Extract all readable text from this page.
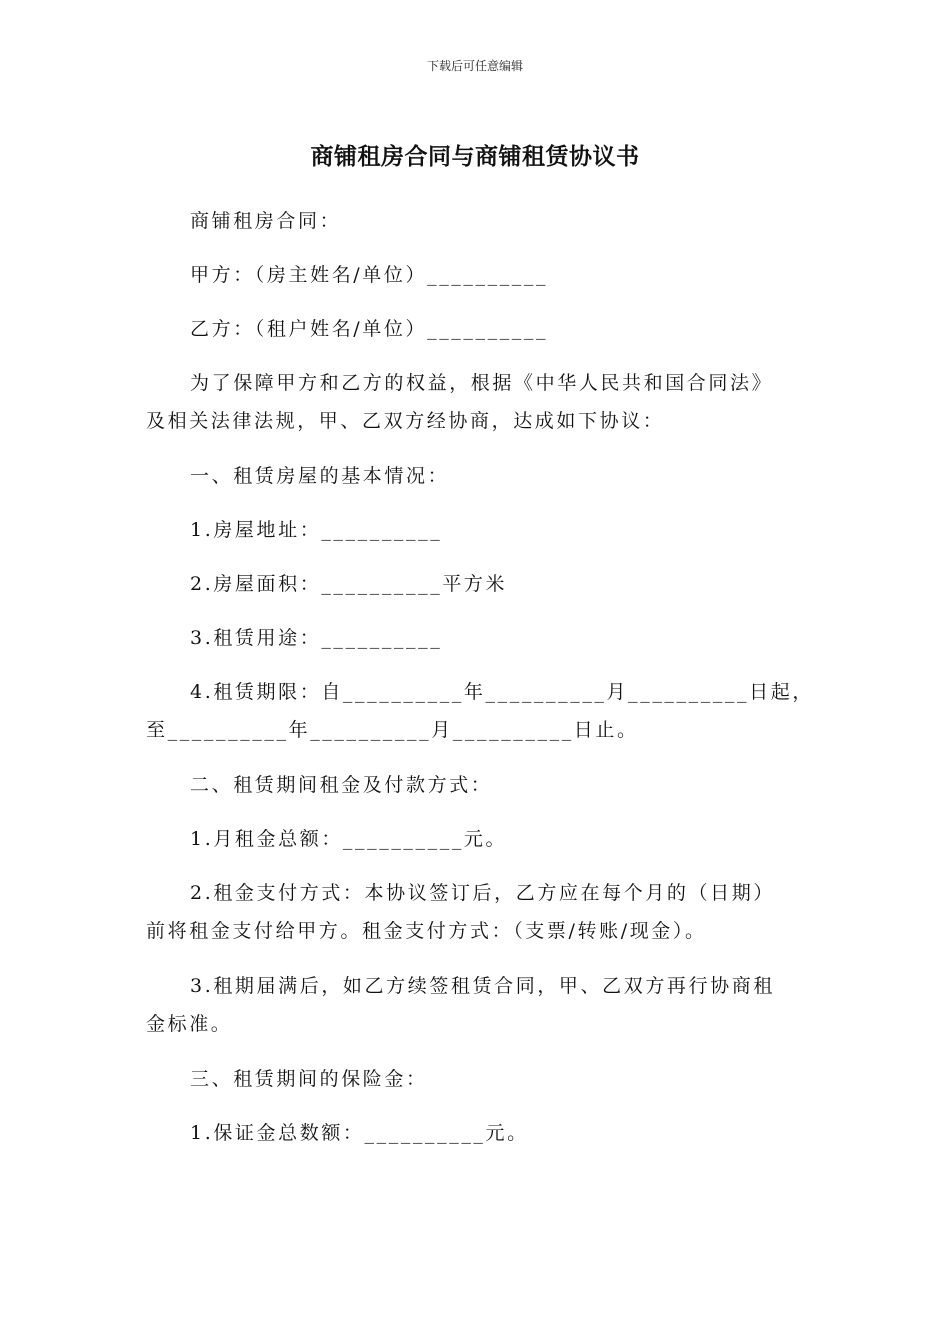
下载后可任意编辑
商铺租房合同与商铺租赁协议书
商铺租房合同：
甲方：（房主姓名/单位）__________
乙方：（租户姓名/单位）__________
为了保障甲方和乙方的权益，根据《中华人民共和国合同法》
及相关法律法规，甲、乙双方经协商，达成如下协议：
一、租赁房屋的基本情况：
1.房屋地址：__________
2.房屋面积：__________平方米
3.租赁用途：__________
4.租赁期限：自__________年__________月__________日起，
至__________年__________月__________日止。
二、租赁期间租金及付款方式：
1.月租金总额：__________元。
2.租金支付方式：本协议签订后，乙方应在每个月的（日期）
前将租金支付给甲方。租金支付方式：（支票/转账/现金）。
3.租期届满后，如乙方续签租赁合同，甲、乙双方再行协商租
金标准。
三、租赁期间的保险金：
1.保证金总数额：__________元。
